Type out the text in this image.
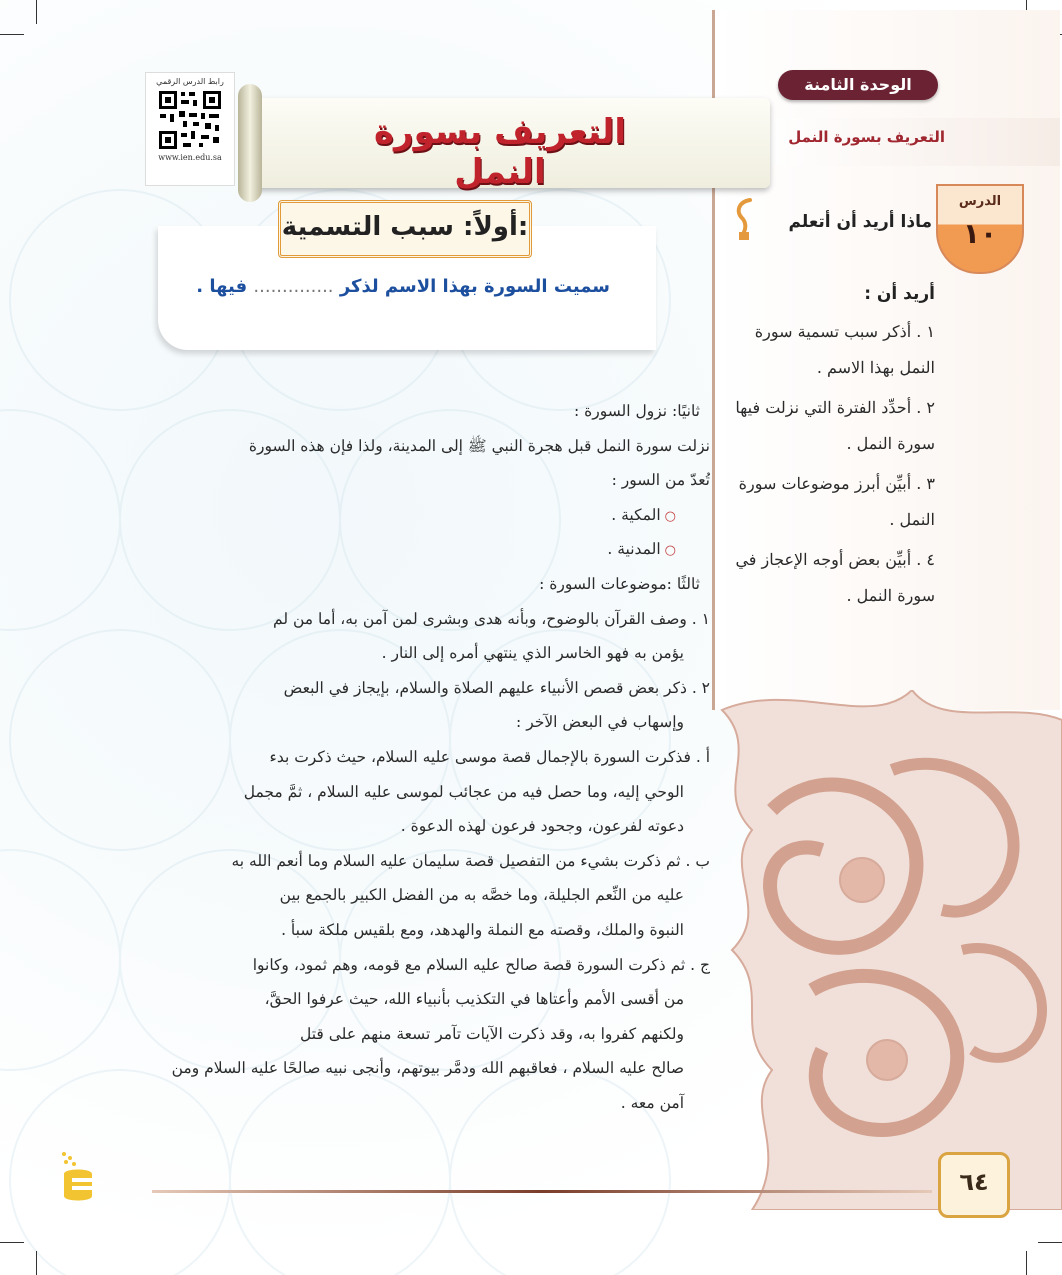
رابط الدرس الرقمي
www.ien.edu.sa
الوحدة الثامنة
التعريف بسورة النمل
التعريف بسورة النمل
الدرس
١٠
ماذا أريد أن أتعلم
أريد أن :
١ . أذكر سبب تسمية سورة النمل بهذا الاسم .
٢ . أحدِّد الفترة التي نزلت فيها سورة النمل .
٣ . أبيِّن أبرز موضوعات سورة النمل .
٤ . أبيِّن بعض أوجه الإعجاز في سورة النمل .
أولاً: سبب التسمية:
سميت السورة بهذا الاسم لذكر .............. فيها .
ثانيًا: نزول السورة :
نزلت سورة النمل قبل هجرة النبي ﷺ إلى المدينة، ولذا فإن هذه السورة
تُعدّ من السور :
○المكية .
○المدنية .
ثالثًا :موضوعات السورة :
١ . وصف القرآن بالوضوح، وبأنه هدى وبشرى لمن آمن به، أما من لم
يؤمن به فهو الخاسر الذي ينتهي أمره إلى النار .
٢ . ذكر بعض قصص الأنبياء عليهم الصلاة والسلام، بإيجاز في البعض
وإسهاب في البعض الآخر :
أ . فذكرت السورة بالإجمال قصة موسى عليه السلام، حيث ذكرت بدء
الوحي إليه، وما حصل فيه من عجائب لموسى عليه السلام ، ثمَّ مجمل
دعوته لفرعون، وجحود فرعون لهذه الدعوة .
ب . ثم ذكرت بشيء من التفصيل قصة سليمان عليه السلام وما أنعم الله به
عليه من النِّعم الجليلة، وما خصَّه به من الفضل الكبير بالجمع بين
النبوة والملك، وقصته مع النملة والهدهد، ومع بلقيس ملكة سبأ .
ج . ثم ذكرت السورة قصة صالح عليه السلام مع قومه، وهم ثمود، وكانوا
من أقسى الأمم وأعتاها في التكذيب بأنبياء الله، حيث عرفوا الحقَّ،
ولكنهم كفروا به، وقد ذكرت الآيات تآمر تسعة منهم على قتل
صالح عليه السلام ، فعاقبهم الله ودمَّر بيوتهم، وأنجى نبيه صالحًا عليه السلام ومن
آمن معه .
٦٤
